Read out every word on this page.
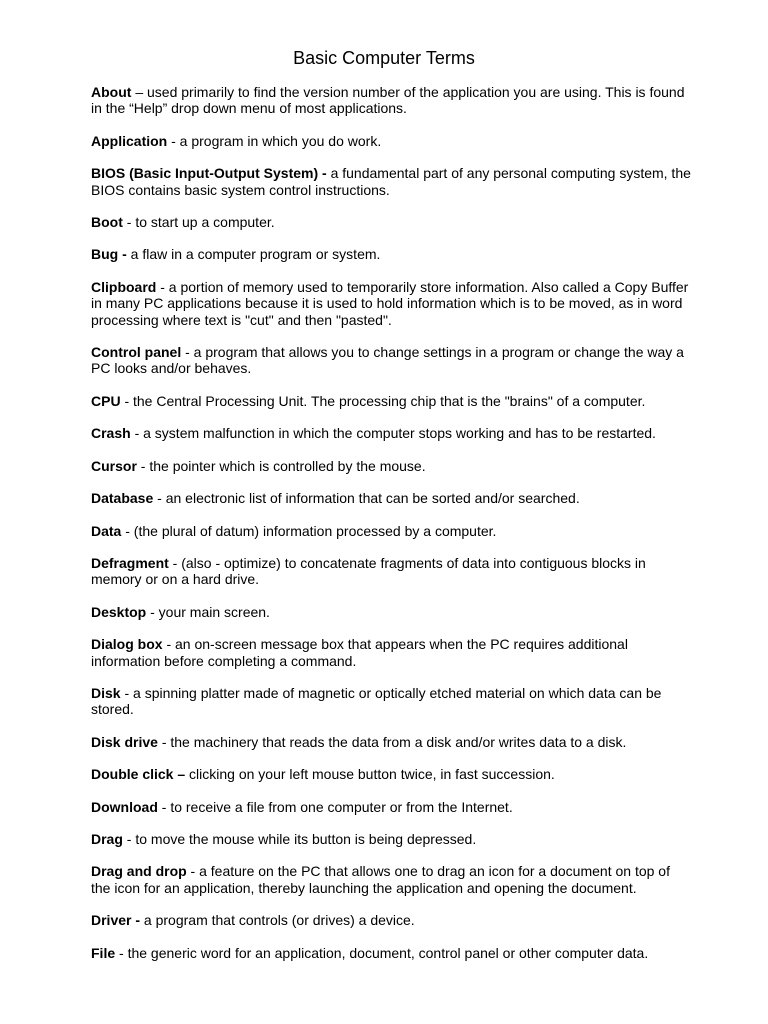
Basic Computer Terms

About – used primarily to find the version number of the application you are using. This is found in the “Help” drop down menu of most applications.

Application - a program in which you do work.

BIOS (Basic Input-Output System) - a fundamental part of any personal computing system, the BIOS contains basic system control instructions.

Boot - to start up a computer.

Bug - a flaw in a computer program or system.

Clipboard - a portion of memory used to temporarily store information. Also called a Copy Buffer in many PC applications because it is used to hold information which is to be moved, as in word processing where text is "cut" and then "pasted".

Control panel - a program that allows you to change settings in a program or change the way a PC looks and/or behaves.

CPU - the Central Processing Unit. The processing chip that is the "brains" of a computer.

Crash - a system malfunction in which the computer stops working and has to be restarted.

Cursor - the pointer which is controlled by the mouse.

Database - an electronic list of information that can be sorted and/or searched.

Data - (the plural of datum) information processed by a computer.

Defragment - (also - optimize) to concatenate fragments of data into contiguous blocks in memory or on a hard drive.

Desktop - your main screen.

Dialog box - an on-screen message box that appears when the PC requires additional information before completing a command.

Disk - a spinning platter made of magnetic or optically etched material on which data can be stored.

Disk drive - the machinery that reads the data from a disk and/or writes data to a disk.

Double click – clicking on your left mouse button twice, in fast succession.

Download - to receive a file from one computer or from the Internet.

Drag - to move the mouse while its button is being depressed.

Drag and drop - a feature on the PC that allows one to drag an icon for a document on top of the icon for an application, thereby launching the application and opening the document.

Driver - a program that controls (or drives) a device.

File - the generic word for an application, document, control panel or other computer data.
